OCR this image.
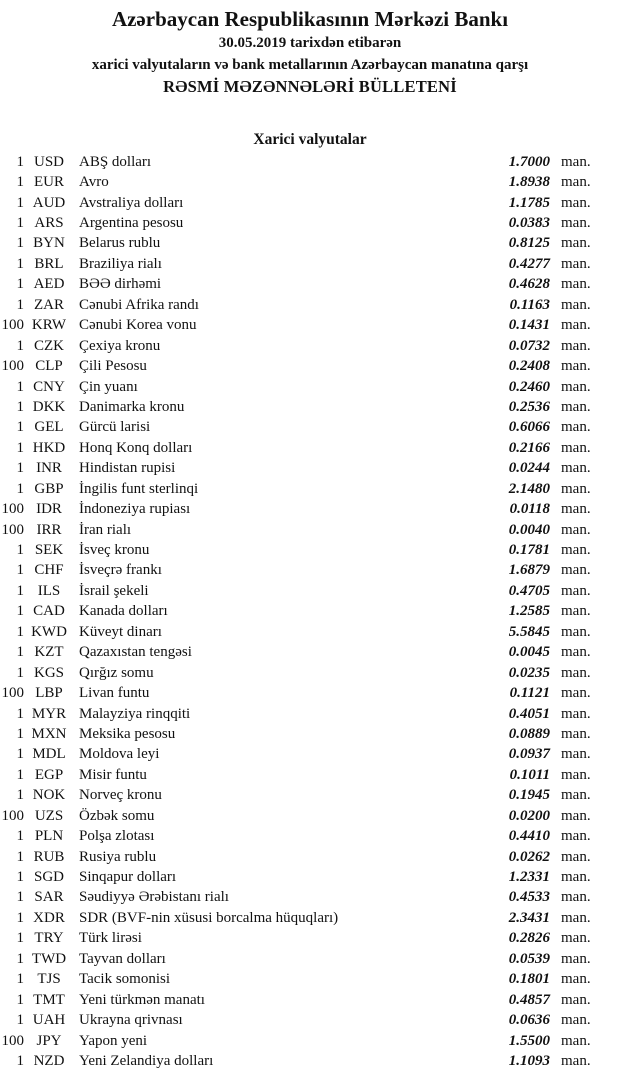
Azərbaycan Respublikasının Mərkəzi Bankı
30.05.2019 tarixdən etibarən
xarici valyutaların və bank metallarının Azərbaycan manatına qarşı
RƏSMİ MƏZƏNNƏLƏRİ BÜLLETENİ
Xarici valyutalar
1 USD	ABŞ dolları	1.7000 man.
1 EUR	Avro	1.8938 man.
1 AUD Avstraliya dolları	1.1785 man.
1 ARS	Argentina pesosu	0.0383 man.
1 BYN Belarus rublu	0.8125 man.
1 BRL	Braziliya rialı	0.4277 man.
1 AED BƏƏ dirhəmi	0.4628 man.
1 ZAR	Cənubi Afrika randı	0.1163 man.
100 KRW Cənubi Korea vonu	0.1431 man.
1 CZK	Çexiya kronu	0.0732 man.
100 CLP	Çili Pesosu	0.2408 man.
1 CNY Çin yuanı	0.2460 man.
1 DKK Danimarka kronu	0.2536 man.
1 GEL	Gürcü larisi	0.6066 man.
1 HKD Honq Konq dolları	0.2166 man.
1 INR	Hindistan rupisi	0.0244 man.
1 GBP	İngilis funt sterlinqi	2.1480 man.
100 IDR	İndoneziya rupiası	0.0118 man.
100 IRR	İran rialı	0.0040 man.
1 SEK	İsveç kronu	0.1781 man.
1 CHF	İsveçrə frankı	1.6879 man.
1 ILS	İsrail şekeli	0.4705 man.
1 CAD Kanada dolları	1.2585 man.
1 KWD Küveyt dinarı	5.5845 man.
1 KZT	Qazaxıstan tengəsi	0.0045 man.
1 KGS	Qırğız somu	0.0235 man.
100 LBP	Livan funtu	0.1121 man.
1 MYR Malayziya rinqqiti	0.4051 man.
1 MXN Meksika pesosu	0.0889 man.
1 MDL Moldova leyi	0.0937 man.
1 EGP	Misir funtu	0.1011 man.
1 NOK Norveç kronu	0.1945 man.
100 UZS	Özbək somu	0.0200 man.
1 PLN	Polşa zlotası	0.4410 man.
1 RUB Rusiya rublu	0.0262 man.
1 SGD	Sinqapur dolları	1.2331 man.
1 SAR	Səudiyyə Ərəbistanı rialı	0.4533 man.
1 XDR SDR (BVF-nin xüsusi borcalma hüquqları)	2.3431 man.
1 TRY	Türk lirəsi	0.2826 man.
1 TWD Tayvan dolları	0.0539 man.
1 TJS	Tacik somonisi	0.1801 man.
1 TMT Yeni türkmən manatı	0.4857 man.
1 UAH Ukrayna qrivnası	0.0636 man.
100 JPY	Yapon yeni	1.5500 man.
1 NZD Yeni Zelandiya dolları	1.1093 man.
